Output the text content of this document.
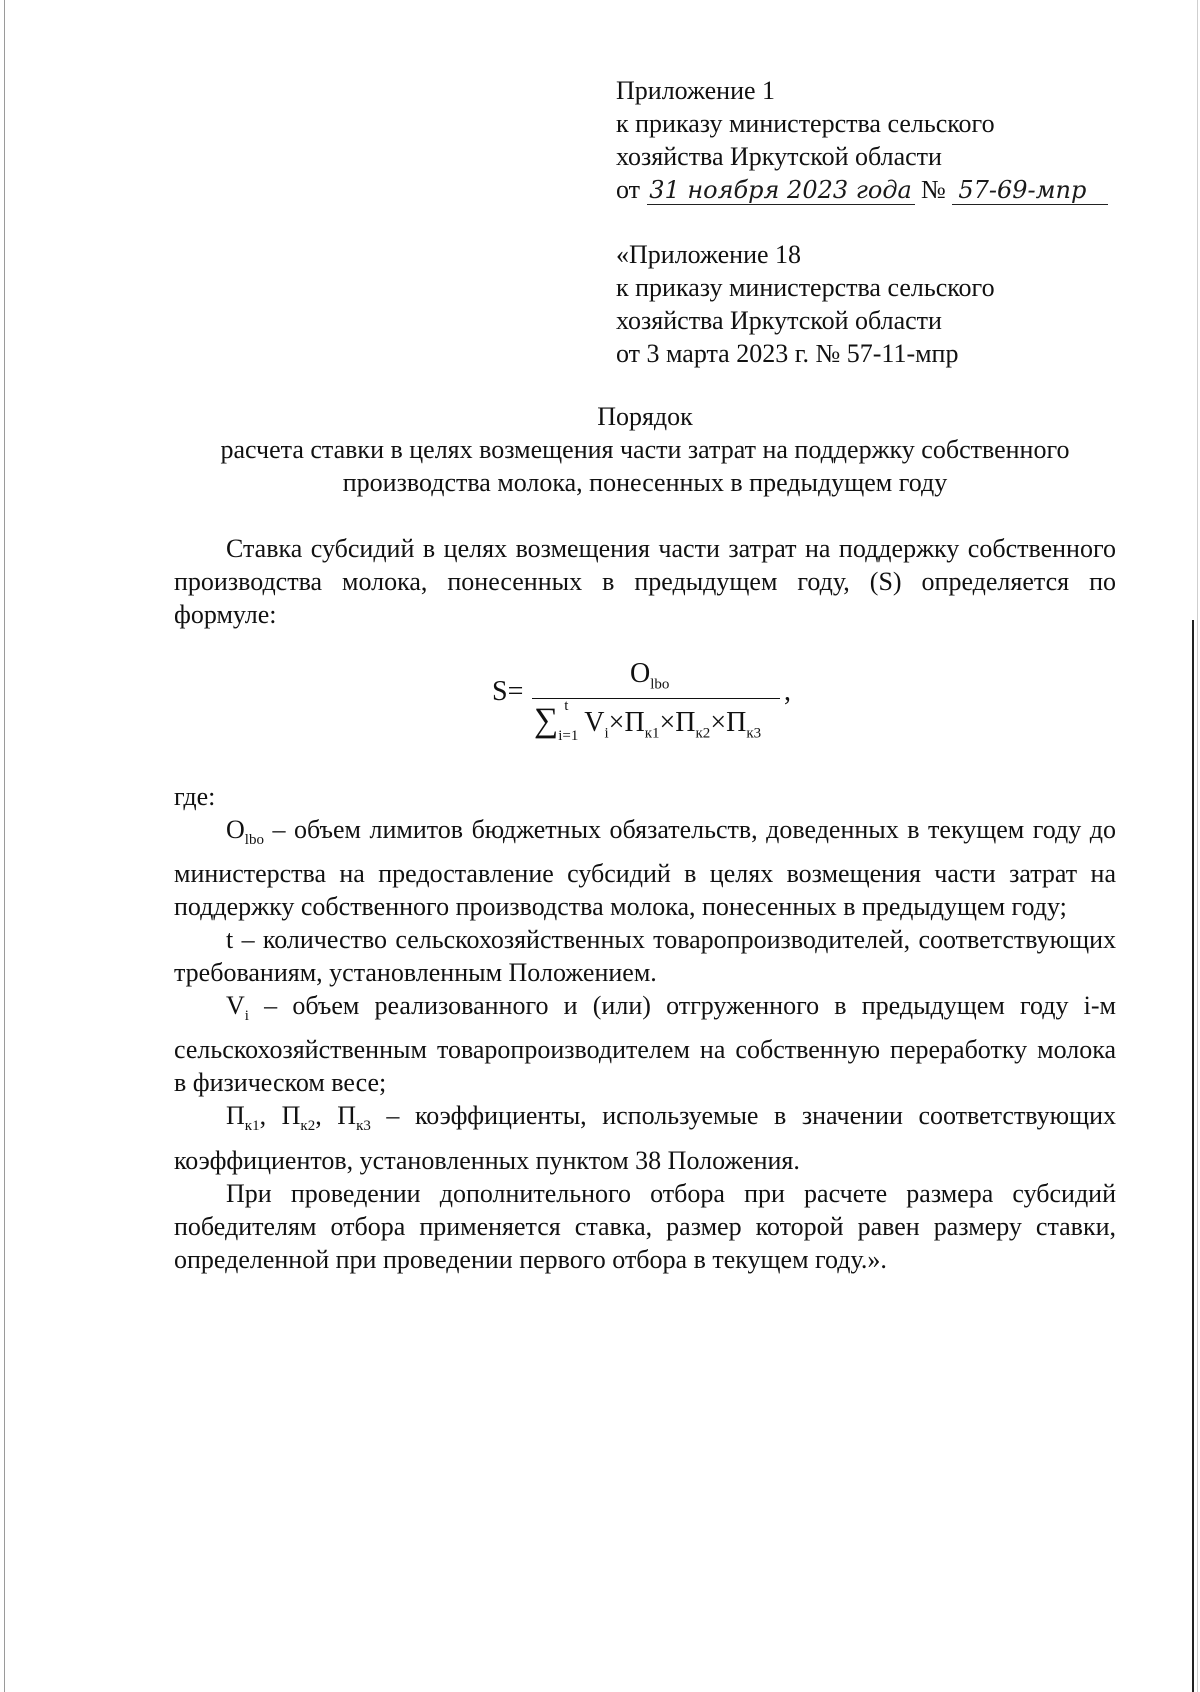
Приложение 1
к приказу министерства сельского
хозяйства Иркутской области
от 31 ноября 2023 года № 57-69-мпр
«Приложение 18
к приказу министерства сельского
хозяйства Иркутской области
от 3 марта 2023 г. № 57-11-мпр
Порядок
расчета ставки в целях возмещения части затрат на поддержку собственного
производства молока, понесенных в предыдущем году

Ставка субсидий в целях возмещения части затрат на поддержку собственного производства молока, понесенных в предыдущем году, (S) определяется по формуле:

S=
$O_{lbo}$
∑ t
i=1 $V_i\times П_{к1}\times П_{к2}\times П_{к3}$
,

где:

$O_{lbo}$ – объем лимитов бюджетных обязательств, доведенных в текущем году до министерства на предоставление субсидий в целях возмещения части затрат на поддержку собственного производства молока, понесенных в предыдущем году;

t – количество сельскохозяйственных товаропроизводителей, соответствующих требованиям, установленным Положением.

$V_i$ – объем реализованного и (или) отгруженного в предыдущем году i-м сельскохозяйственным товаропроизводителем на собственную переработку молока в физическом весе;

$П_{к1}$, $П_{к2}$, $П_{к3}$ – коэффициенты, используемые в значении соответствующих коэффициентов, установленных пунктом 38 Положения.

При проведении дополнительного отбора при расчете размера субсидий победителям отбора применяется ставка, размер которой равен размеру ставки, определенной при проведении первого отбора в текущем году.».
